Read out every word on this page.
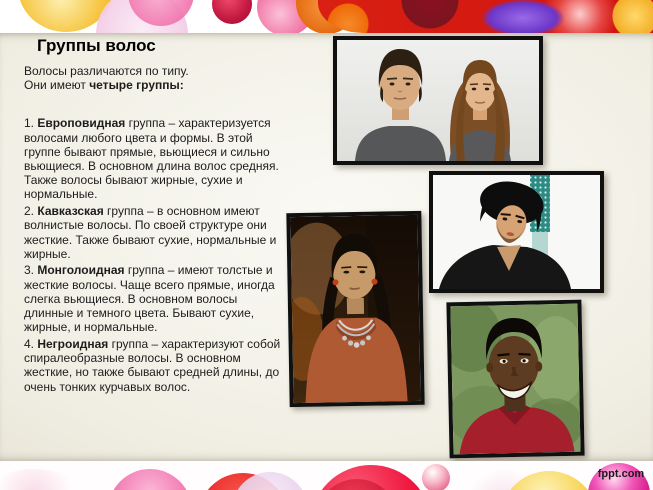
Группы волос

Волосы различаются по типу.
Они имеют четыре группы:

1. Европовидная группа – характеризуется волосами любого цвета и формы. В этой группе бывают прямые, вьющиеся и сильно вьющиеся. В основном длина волос средняя. Также волосы бывают жирные, сухие и нормальные.

2. Кавказская группа – в основном имеют волнистые волосы. По своей структуре они жесткие. Также бывают сухие, нормальные и жирные.

3. Монголоидная группа – имеют толстые и жесткие волосы. Чаще всего прямые, иногда слегка вьющиеся. В основном волосы длинные и темного цвета. Бывают сухие, жирные, и нормальные.

4. Негроидная группа – характеризуют собой спиралеобразные волосы. В основном жесткие, но также бывают средней длины, до очень тонких курчавых волос.

fppt.com
